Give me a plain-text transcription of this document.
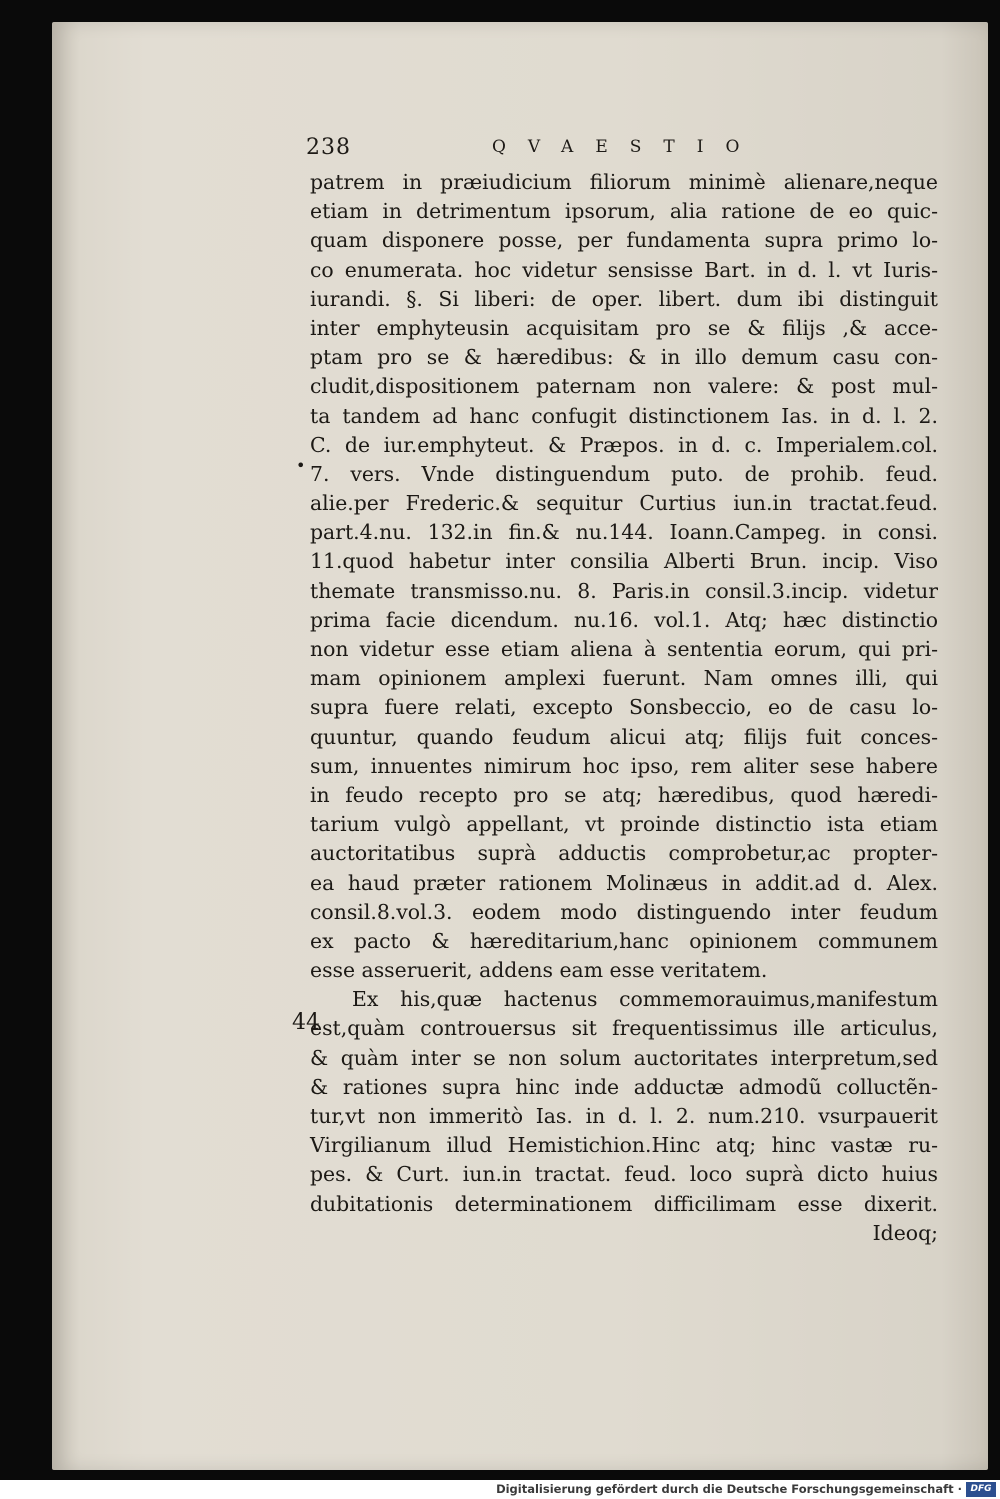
238	QVAESTIO
•
44
patrem in præiudicium filiorum minimè alienare,neque
etiam in detrimentum ipsorum, alia ratione de eo quic-
quam disponere posse, per fundamenta supra primo lo-
co enumerata. hoc videtur sensisse Bart. in d. l. vt Iuris-
iurandi. §. Si liberi: de oper. libert. dum ibi distinguit
inter emphyteusin acquisitam pro se & filijs ,& acce-
ptam pro se & hæredibus: & in illo demum casu con-
cludit,dispositionem paternam non valere: & post mul-
ta tandem ad hanc confugit distinctionem Ias. in d. l. 2.
C. de iur.emphyteut. & Præpos. in d. c. Imperialem.col.
7. vers. Vnde distinguendum puto. de prohib. feud.
alie.per Frederic.& sequitur Curtius iun.in tractat.feud.
part.4.nu. 132.in fin.& nu.144. Ioann.Campeg. in consi.
11.quod habetur inter consilia Alberti Brun. incip. Viso
themate transmisso.nu. 8. Paris.in consil.3.incip. videtur
prima facie dicendum. nu.16. vol.1. Atq; hæc distinctio
non videtur esse etiam aliena à sententia eorum, qui pri-
mam opinionem amplexi fuerunt. Nam omnes illi, qui
supra fuere relati, excepto Sonsbeccio, eo de casu lo-
quuntur, quando feudum alicui atq; filijs fuit conces-
sum, innuentes nimirum hoc ipso, rem aliter sese habere
in feudo recepto pro se atq; hæredibus, quod hæredi-
tarium vulgò appellant, vt proinde distinctio ista etiam
auctoritatibus suprà adductis comprobetur,ac propter-
ea haud præter rationem Molinæus in addit.ad d. Alex.
consil.8.vol.3. eodem modo distinguendo inter feudum
ex pacto & hæreditarium,hanc opinionem communem
esse asseruerit, addens eam esse veritatem.
Ex his,quæ hactenus commemorauimus,manifestum
est,quàm controuersus sit frequentissimus ille articulus,
& quàm inter se non solum auctoritates interpretum,sed
& rationes supra hinc inde adductæ admodũ colluctẽn-
tur,vt non immeritò Ias. in d. l. 2. num.210. vsurpauerit
Virgilianum illud Hemistichion.Hinc atq; hinc vastæ ru-
pes. & Curt. iun.in tractat. feud. loco suprà dicto huius
dubitationis determinationem difficilimam esse dixerit.
Ideoq;
Digitalisierung gefördert durch die Deutsche Forschungsgemeinschaft · DFG
